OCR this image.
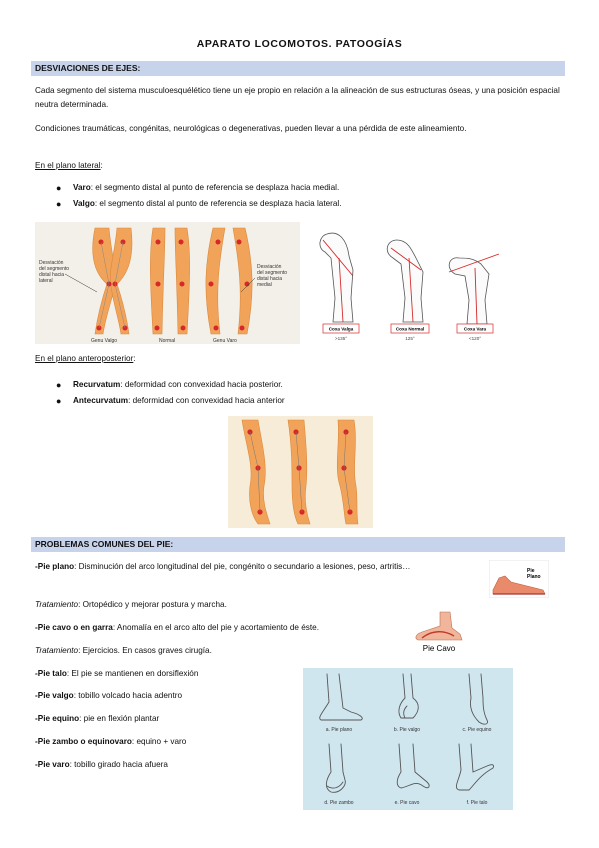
APARATO LOCOMOTOS. PATOOGÍAS
DESVIACIONES DE EJES:
Cada segmento del sistema musculoesquélético tiene un eje propio en relación a la alineación de sus estructuras óseas, y una posición espacial neutra determinada.
Condiciones traumáticas, congénitas, neurológicas o degenerativas, pueden llevar a una pérdida de este alineamiento.
En el plano lateral:
● Varo: el segmento distal al punto de referencia se desplaza hacia medial.
● Valgo: el segmento distal al punto de referencia se desplaza hacia lateral.
Desviación
del segmento
distal hacia
lateral
Desviación
del segmento
distal hacia
medial
Genu Valgo	Normal	Genu Varo
Coxa Valga
>135°
Coxa Normal
125°
Coxa Vara
<120°
En el plano anteroposterior:
● Recurvatum: deformidad con convexidad hacia posterior.
● Antecurvatum: deformidad con convexidad hacia anterior
PROBLEMAS COMUNES DEL PIE:
-Pie plano: Disminución del arco longitudinal del pie, congénito o secundario a lesiones, peso, artritis…	Pie
Plano
Tratamiento: Ortopédico y mejorar postura y marcha.
-Pie cavo o en garra: Anomalía en el arco alto del pie y acortamiento de éste.
Pie Cavo
Tratamiento: Ejercicios. En casos graves cirugía.
-Pie talo: El pie se mantienen en dorsiflexión
-Pie valgo: tobillo volcado hacia adentro
-Pie equino: pie en flexión plantar
-Pie zambo o equinovaro: equino + varo
-Pie varo: tobillo girado hacia afuera
a. Pie plano	b. Pie valgo	c. Pie equino
d. Pie zambo	e. Pie cavo	f. Pie talo
